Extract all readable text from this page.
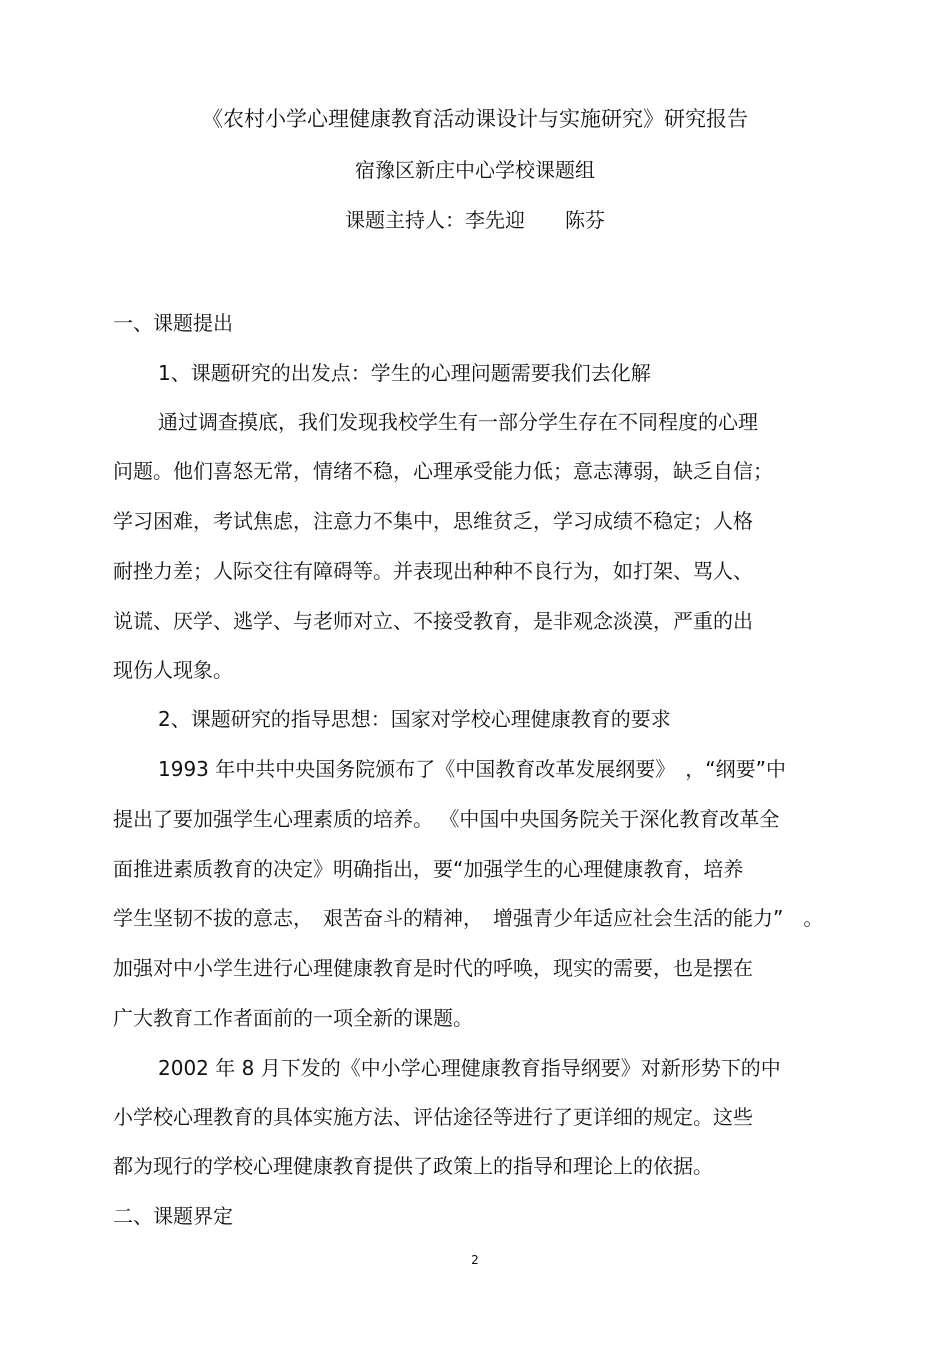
《农村小学心理健康教育活动课设计与实施研究》研究报告
宿豫区新庄中心学校课题组
课题主持人：李先迎　　陈芬
一、课题提出
1、课题研究的出发点：学生的心理问题需要我们去化解
通过调查摸底，我们发现我校学生有一部分学生存在不同程度的心理
问题。他们喜怒无常，情绪不稳，心理承受能力低；意志薄弱，缺乏自信；
学习困难，考试焦虑，注意力不集中，思维贫乏，学习成绩不稳定；人格
耐挫力差；人际交往有障碍等。并表现出种种不良行为，如打架、骂人、
说谎、厌学、逃学、与老师对立、不接受教育，是非观念淡漠，严重的出
现伤人现象。
2、课题研究的指导思想：国家对学校心理健康教育的要求
1993 年中共中央国务院颁布了《中国教育改革发展纲要》　，“纲要”中
提出了要加强学生心理素质的培养。 《中国中央国务院关于深化教育改革全
面推进素质教育的决定》明确指出，要“加强学生的心理健康教育，培养
学生坚韧不拔的意志，　艰苦奋斗的精神，　增强青少年适应社会生活的能力”　。
加强对中小学生进行心理健康教育是时代的呼唤，现实的需要，也是摆在
广大教育工作者面前的一项全新的课题。
2002 年 8 月下发的《中小学心理健康教育指导纲要》对新形势下的中
小学校心理教育的具体实施方法、评估途径等进行了更详细的规定。这些
都为现行的学校心理健康教育提供了政策上的指导和理论上的依据。
二、课题界定
2
